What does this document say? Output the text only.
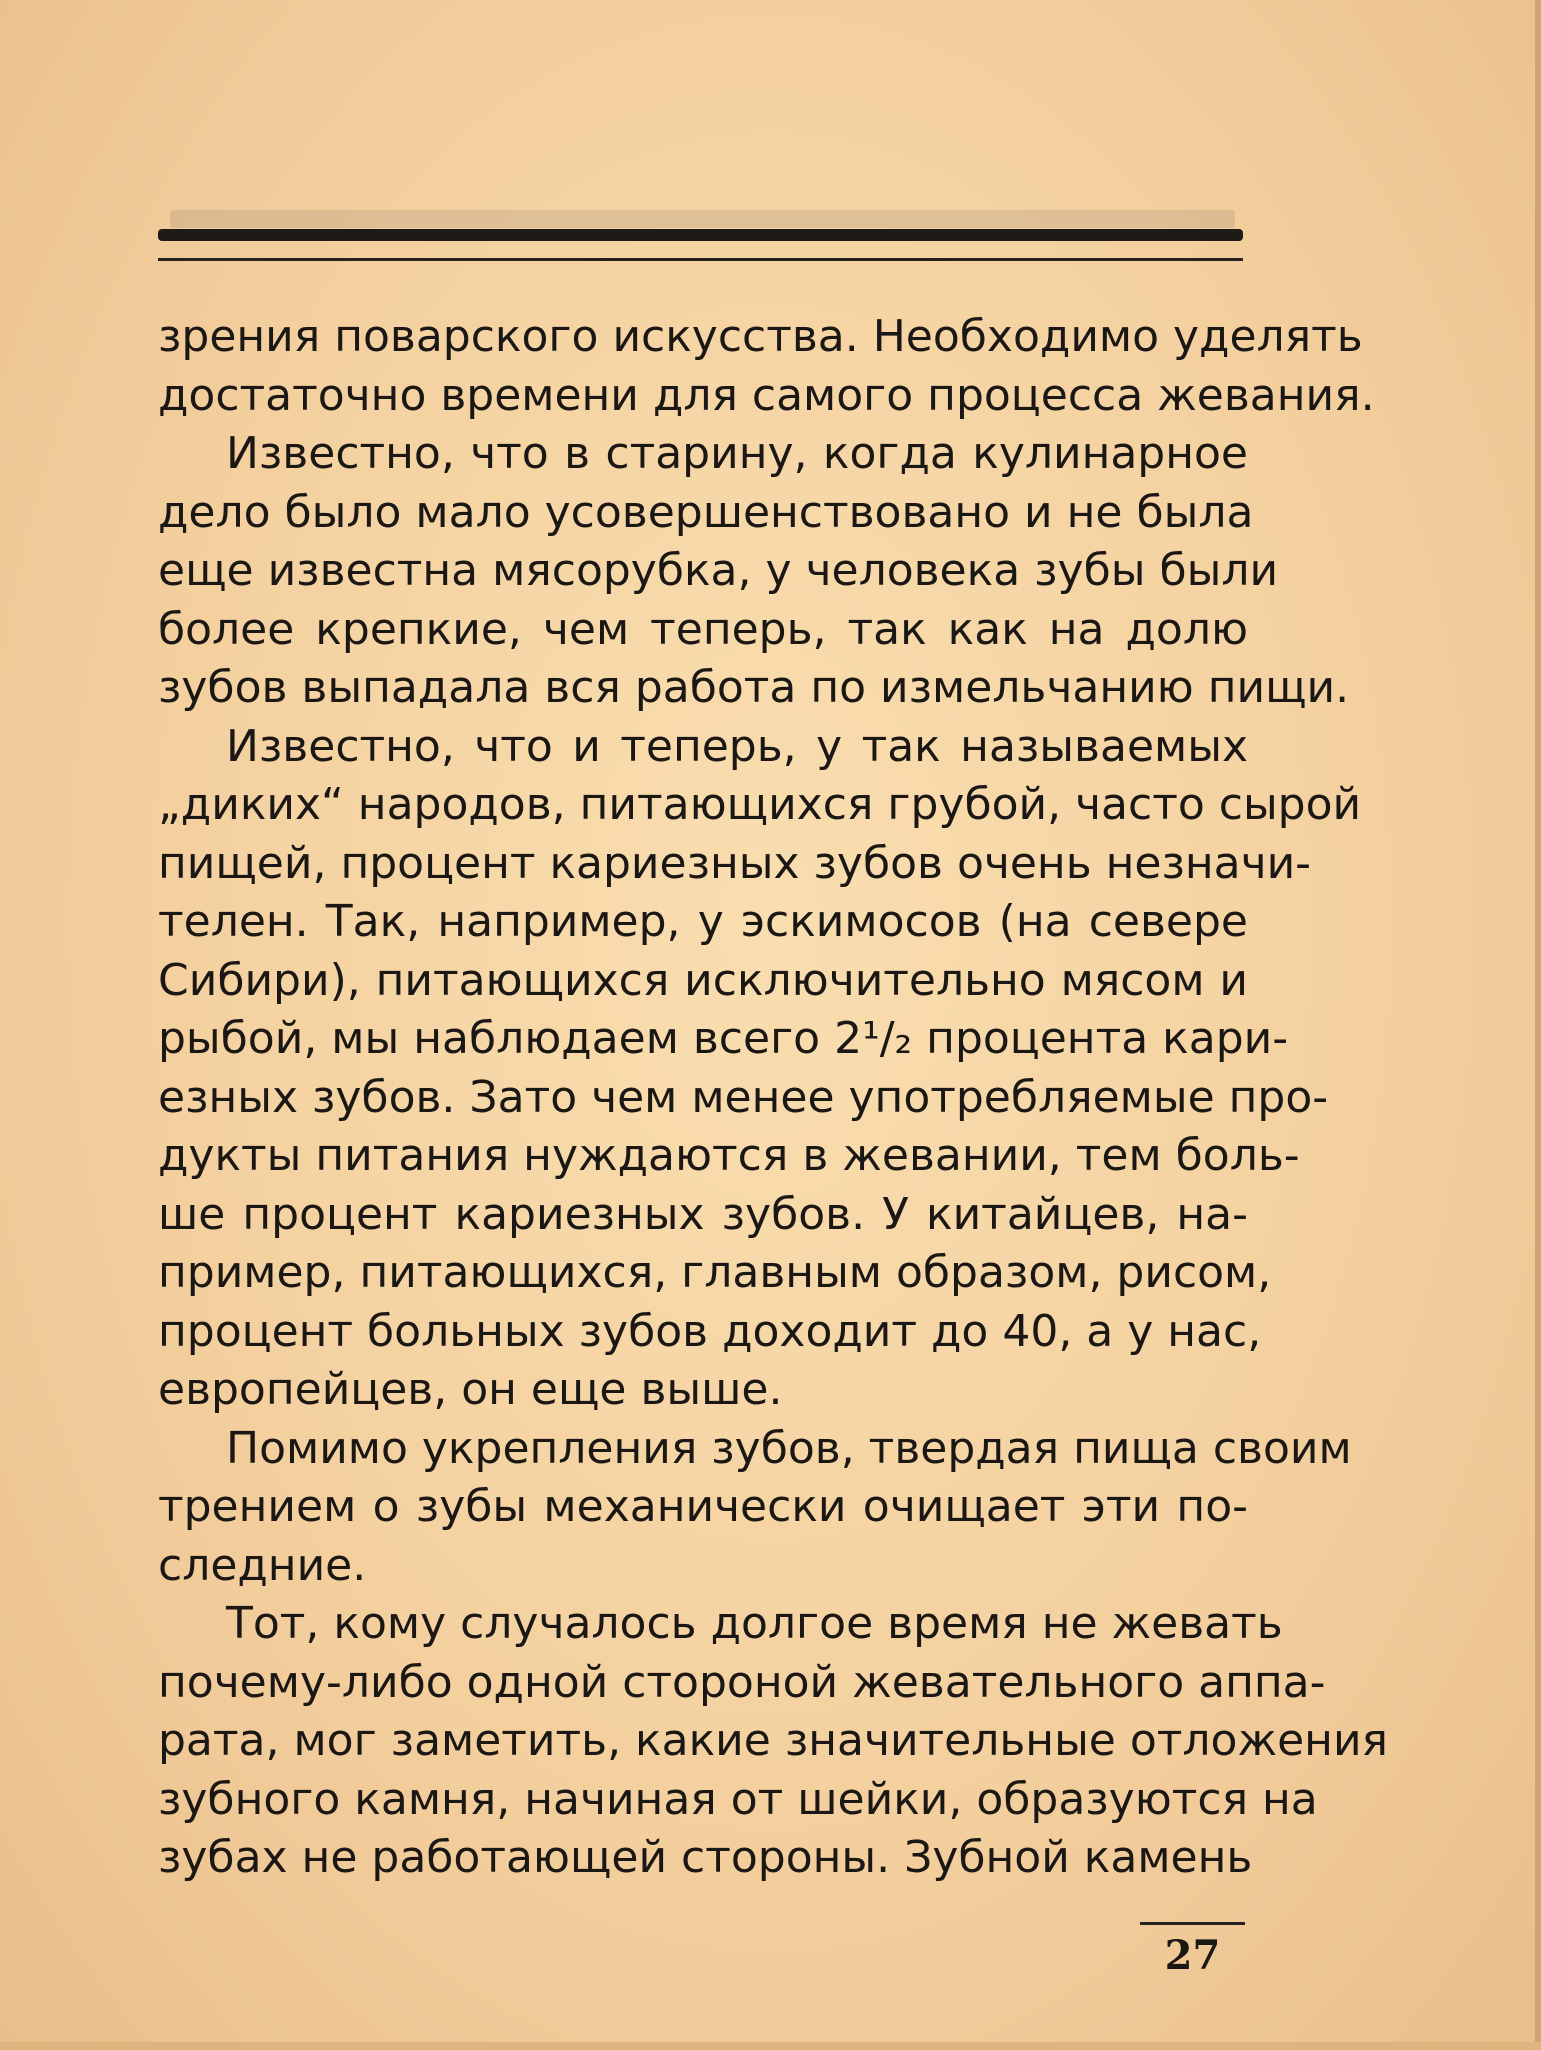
зрения поварского искусства. Необходимо уделять
достаточно времени для самого процесса жевания.
Известно, что в старину, когда кулинарное
дело было мало усовершенствовано и не была
еще известна мясорубка, у человека зубы были
более крепкие, чем теперь, так как на долю
зубов выпадала вся работа по измельчанию пищи.
Известно, что и теперь, у так называемых
„диких“ народов, питающихся грубой, часто сырой
пищей, процент кариезных зубов очень незначи-
телен. Так, например, у эскимосов (на севере
Сибири), питающихся исключительно мясом и
рыбой, мы наблюдаем всего 2¹/₂ процента кари-
езных зубов. Зато чем менее употребляемые про-
дукты питания нуждаются в жевании, тем боль-
ше процент кариезных зубов. У китайцев, на-
пример, питающихся, главным образом, рисом,
процент больных зубов доходит до 40, а у нас,
европейцев, он еще выше.
Помимо укрепления зубов, твердая пища своим
трением о зубы механически очищает эти по-
следние.
Тот, кому случалось долгое время не жевать
почему-либо одной стороной жевательного аппа-
рата, мог заметить, какие значительные отложения
зубного камня, начиная от шейки, образуются на
зубах не работающей стороны. Зубной камень
27
